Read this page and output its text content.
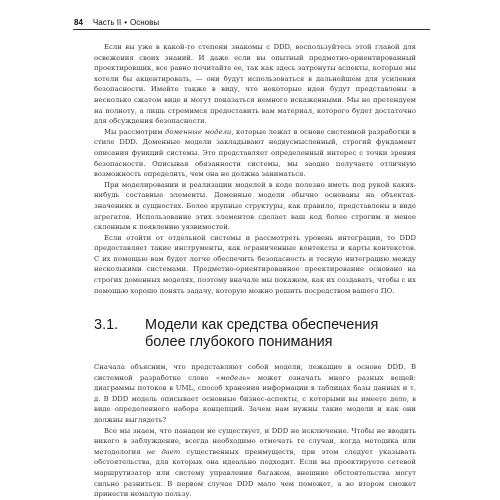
84 Часть II • Основы

Если вы уже в какой-то степени знакомы с DDD, воспользуйтесь этой главой для освежения своих знаний. И даже если вы опытный предметно-ориентированный проектировщик, все равно почитайте ее, так как здесь затронуты аспекты, которые мы хотели бы акцентировать, — они будут использоваться в дальнейшем для усиления безопасности. Имейте также в виду, что некоторые идеи будут представлены в несколько сжатом виде и могут показаться немного искаженными. Мы не претендуем на полноту, а лишь стремимся предоставить вам материал, которого будет достаточно для обсуждения безопасности.

Мы рассмотрим доменные модели, которые лежат в основе системной разработки в стиле DDD. Доменные модели закладывают недвусмысленный, строгий фундамент описания функций системы. Это представляет определенный интерес с точки зрения безопасности. Описывая обязанности системы, мы заодно получаете отличную возможность определить, чем она не должна заниматься.

При моделировании и реализации моделей в коде полезно иметь под рукой каких-нибудь составные элементы. Доменные модели обычно основаны на объектах-значениях и сущностях. Более крупные структуры, как правило, представлены в виде агрегатов. Использование этих элементов сделает ваш код более строгим и менее склонным к появлению уязвимостей.

Если отойти от отдельной системы и рассмотреть уровень интеграции, то DDD предоставляет такие инструменты, как ограниченные контексты и карты контекстов. С их помощью вам будет легче обеспечить безопасность и тесную интеграцию между несколькими системами. Предметно-ориентированное проектирование основано на строгих доменных моделях, поэтому вначале мы покажем, как их создавать, чтобы с их помощью хорошо понять задачу, которую можно решить посредством вашего ПО.

3.1. Модели как средства обеспечения
более глубокого понимания

Сначала объясним, что представляют собой модели, лежащие в основе DDD. В системной разработке слово «модель» может означать много разных вещей: диаграммы потоков в UML, способ хранения информации в таблицах базы данных и т. д. В DDD модель описывает основные бизнес-аспекты, с которыми вы имеете дело, в виде определенного набора концепций. Зачем нам нужны такие модели и как они должны выглядеть?

Все мы знаем, что панацеи не существует, и DDD не исключение. Чтобы не вводить никого в заблуждение, всегда необходимо отмечать те случаи, когда методика или методология не дает существенных преимуществ, при этом следует указывать обстоятельства, для которых она идеально подходит. Если вы проектируете сетевой маршрутизатор или систему управления багажом, внешние обстоятельства могут сильно разниться. В первом случае DDD мало чем поможет, а во втором сможет принести немалую пользу.
